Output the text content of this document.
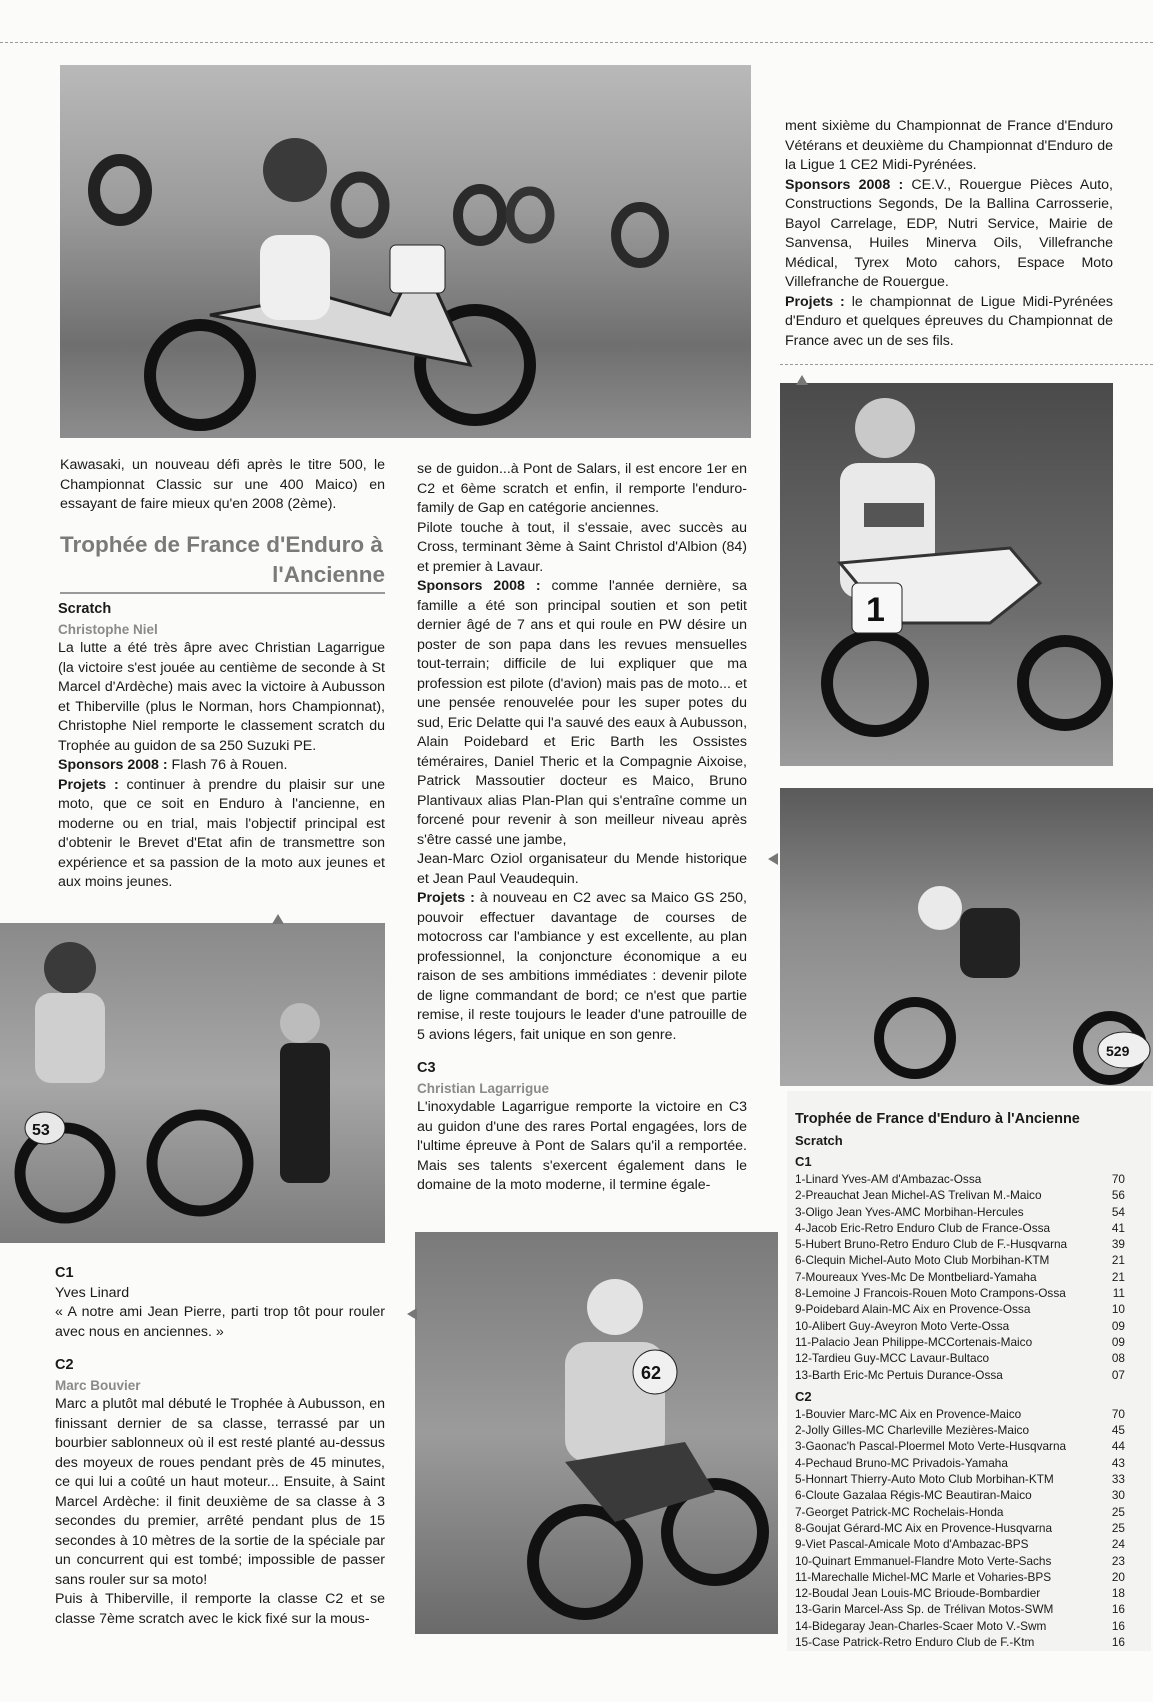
ment sixième du Championnat de France d'Enduro Vétérans et deuxième du Championnat d'Enduro de la Ligue 1 CE2 Midi-Pyrénées.

Sponsors 2008 : CE.V., Rouergue Pièces Auto, Constructions Segonds, De la Ballina Carrosserie, Bayol Carrelage, EDP, Nutri Service, Mairie de Sanvensa, Huiles Minerva Oils, Villefranche Médical, Tyrex Moto cahors, Espace Moto Villefranche de Rouergue.

Projets : le championnat de Ligue Midi-Pyrénées d'Enduro et quelques épreuves du Championnat de France avec un de ses fils.

1
529

Kawasaki, un nouveau défi après le titre 500, le Championnat Classic sur une 400 Maico) en essayant de faire mieux qu'en 2008 (2ème).

Trophée de France d'Enduro à
l'Ancienne
Scratch
Christophe Niel

La lutte a été très âpre avec Christian Lagarrigue (la victoire s'est jouée au centième de seconde à St Marcel d'Ardèche) mais avec la victoire à Aubusson et Thiberville (plus le Norman, hors Championnat), Christophe Niel remporte le classement scratch du Trophée au guidon de sa 250 Suzuki PE.

Sponsors 2008 : Flash 76 à Rouen.

Projets : continuer à prendre du plaisir sur une moto, que ce soit en Enduro à l'ancienne, en moderne ou en trial, mais l'objectif principal est d'obtenir le Brevet d'Etat afin de transmettre son expérience et sa passion de la moto aux jeunes et aux moins jeunes.

53
C1

Yves Linard

« A notre ami Jean Pierre, parti trop tôt pour rouler avec nous en anciennes. »

C2
Marc Bouvier

Marc a plutôt mal débuté le Trophée à Aubusson, en finissant dernier de sa classe, terrassé par un bourbier sablonneux où il est resté planté au-dessus des moyeux de roues pendant près de 45 minutes, ce qui lui a coûté un haut moteur... Ensuite, à Saint Marcel Ardèche: il finit deuxième de sa classe à 3 secondes du premier, arrêté pendant plus de 15 secondes à 10 mètres de la sortie de la spéciale par un concurrent qui est tombé; impossible de passer sans rouler sur sa moto!

Puis à Thiberville, il remporte la classe C2 et se classe 7ème scratch avec le kick fixé sur la mous-

se de guidon...à Pont de Salars, il est encore 1er en C2 et 6ème scratch et enfin, il remporte l'enduro-family de Gap en catégorie anciennes.

Pilote touche à tout, il s'essaie, avec succès au Cross, terminant 3ème à Saint Christol d'Albion (84) et premier à Lavaur.

Sponsors 2008 : comme l'année dernière, sa famille a été son principal soutien et son petit dernier âgé de 7 ans et qui roule en PW désire un poster de son papa dans les revues mensuelles tout-terrain; difficile de lui expliquer que ma profession est pilote (d'avion) mais pas de moto... et une pensée renouvelée pour les super potes du sud, Eric Delatte qui l'a sauvé des eaux à Aubusson, Alain Poidebard et Eric Barth les Ossistes téméraires, Daniel Theric et la Compagnie Aixoise, Patrick Massoutier docteur es Maico, Bruno Plantivaux alias Plan-Plan qui s'entraîne comme un forcené pour revenir à son meilleur niveau après s'être cassé une jambe,

Jean-Marc Oziol organisateur du Mende historique et Jean Paul Veaudequin.

Projets : à nouveau en C2 avec sa Maico GS 250, pouvoir effectuer davantage de courses de motocross car l'ambiance y est excellente, au plan professionnel, la conjoncture économique a eu raison de ses ambitions immédiates : devenir pilote de ligne commandant de bord; ce n'est que partie remise, il reste toujours le leader d'une patrouille de 5 avions légers, fait unique en son genre.

C3
Christian Lagarrigue

L'inoxydable Lagarrigue remporte la victoire en C3 au guidon d'une des rares Portal engagées, lors de l'ultime épreuve à Pont de Salars qu'il a remportée. Mais ses talents s'exercent également dans le domaine de la moto moderne, il termine égale-

62
Trophée de France d'Enduro à l'Ancienne
Scratch
C1
1-Linard Yves-AM d'Ambazac-Ossa	70
2-Preauchat Jean Michel-AS Trelivan M.-Maico	56
3-Oligo Jean Yves-AMC Morbihan-Hercules	54
4-Jacob Eric-Retro Enduro Club de France-Ossa	41
5-Hubert Bruno-Retro Enduro Club de F.-Husqvarna	39
6-Clequin Michel-Auto Moto Club Morbihan-KTM	21
7-Moureaux Yves-Mc De Montbeliard-Yamaha	21
8-Lemoine J Francois-Rouen Moto Crampons-Ossa	11
9-Poidebard Alain-MC Aix en Provence-Ossa	10
10-Alibert Guy-Aveyron Moto Verte-Ossa	09
11-Palacio Jean Philippe-MCCortenais-Maico	09
12-Tardieu Guy-MCC Lavaur-Bultaco	08
13-Barth Eric-Mc Pertuis Durance-Ossa	07
C2
1-Bouvier Marc-MC Aix en Provence-Maico	70
2-Jolly Gilles-MC Charleville Mezières-Maico	45
3-Gaonac'h Pascal-Ploermel Moto Verte-Husqvarna	44
4-Pechaud Bruno-MC Privadois-Yamaha	43
5-Honnart Thierry-Auto Moto Club Morbihan-KTM	33
6-Cloute Gazalaa Régis-MC Beautiran-Maico	30
7-Georget Patrick-MC Rochelais-Honda	25
8-Goujat Gérard-MC Aix en Provence-Husqvarna	25
9-Viet Pascal-Amicale Moto d'Ambazac-BPS	24
10-Quinart Emmanuel-Flandre Moto Verte-Sachs	23
11-Marechalle Michel-MC Marle et Voharies-BPS	20
12-Boudal Jean Louis-MC Brioude-Bombardier	18
13-Garin Marcel-Ass Sp. de Trélivan Motos-SWM	16
14-Bidegaray Jean-Charles-Scaer Moto V.-Swm	16
15-Case Patrick-Retro Enduro Club de F.-Ktm	16
